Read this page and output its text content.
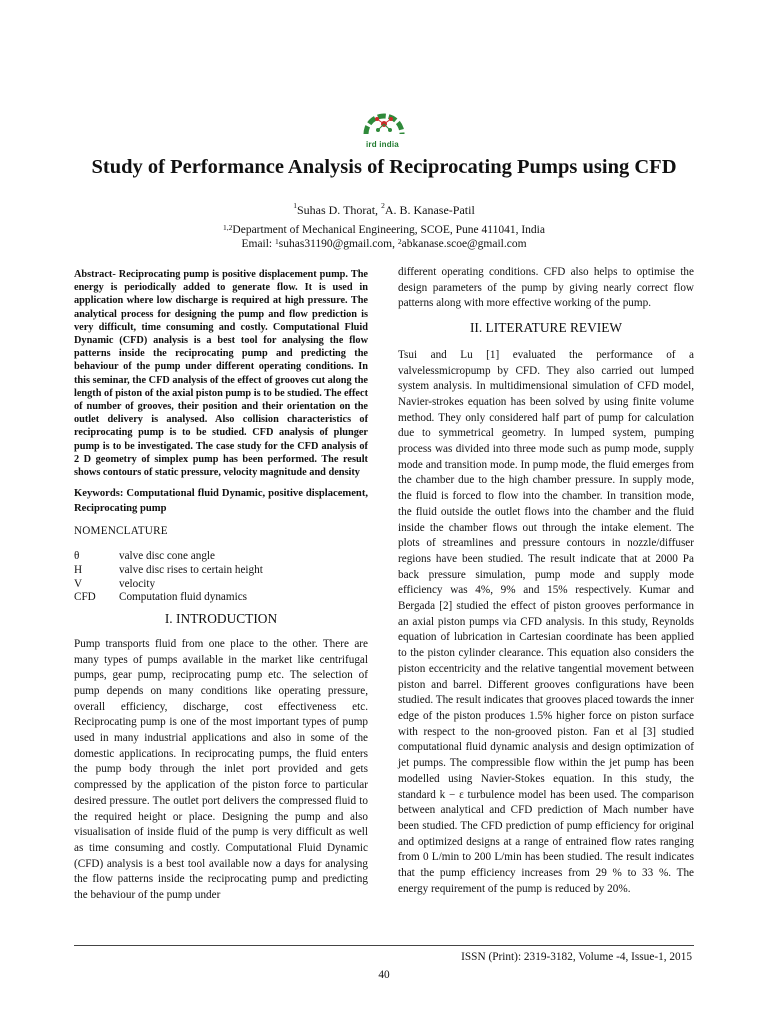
ird india
Study of Performance Analysis of Reciprocating Pumps using CFD
$^1$Suhas D. Thorat, $^2$A. B. Kanase-Patil
$^{1,2}$Department of Mechanical Engineering, SCOE, Pune 411041, India
Email: $^1$suhas31190@gmail.com, $^2$abkanase.scoe@gmail.com

Abstract- Reciprocating pump is positive displacement pump. The energy is periodically added to generate flow. It is used in application where low discharge is required at high pressure. The analytical process for designing the pump and flow prediction is very difficult, time consuming and costly. Computational Fluid Dynamic (CFD) analysis is a best tool for analysing the flow patterns inside the reciprocating pump and predicting the behaviour of the pump under different operating conditions. In this seminar, the CFD analysis of the effect of grooves cut along the length of piston of the axial piston pump is to be studied. The effect of number of grooves, their position and their orientation on the outlet delivery is analysed. Also collision characteristics of reciprocating pump is to be studied. CFD analysis of plunger pump is to be investigated. The case study for the CFD analysis of 2 D geometry of simplex pump has been performed. The result shows contours of static pressure, velocity magnitude and density

Keywords: Computational fluid Dynamic, positive displacement, Reciprocating pump

NOMENCLATURE

θ	valve disc cone angle
H	valve disc rises to certain height
V	velocity
CFD	Computation fluid dynamics
I. INTRODUCTION

Pump transports fluid from one place to the other. There are many types of pumps available in the market like centrifugal pumps, gear pump, reciprocating pump etc. The selection of pump depends on many conditions like operating pressure, overall efficiency, discharge, cost effectiveness etc. Reciprocating pump is one of the most important types of pump used in many industrial applications and also in some of the domestic applications. In reciprocating pumps, the fluid enters the pump body through the inlet port provided and gets compressed by the application of the piston force to particular desired pressure. The outlet port delivers the compressed fluid to the required height or place. Designing the pump and also visualisation of inside fluid of the pump is very difficult as well as time consuming and costly. Computational Fluid Dynamic (CFD) analysis is a best tool available now a days for analysing the flow patterns inside the reciprocating pump and predicting the behaviour of the pump under

different operating conditions. CFD also helps to optimise the design parameters of the pump by giving nearly correct flow patterns along with more effective working of the pump.

II. LITERATURE REVIEW

Tsui and Lu [1] evaluated the performance of a valvelessmicropump by CFD. They also carried out lumped system analysis. In multidimensional simulation of CFD model, Navier-strokes equation has been solved by using finite volume method. They only considered half part of pump for calculation due to symmetrical geometry. In lumped system, pumping process was divided into three mode such as pump mode, supply mode and transition mode. In pump mode, the fluid emerges from the chamber due to the high chamber pressure. In supply mode, the fluid is forced to flow into the chamber. In transition mode, the fluid outside the outlet flows into the chamber and the fluid inside the chamber flows out through the intake element. The plots of streamlines and pressure contours in nozzle/diffuser regions have been studied. The result indicate that at 2000 Pa back pressure simulation, pump mode and supply mode efficiency was 4%, 9% and 15% respectively. Kumar and Bergada [2] studied the effect of piston grooves performance in an axial piston pumps via CFD analysis. In this study, Reynolds equation of lubrication in Cartesian coordinate has been applied to the piston cylinder clearance. This equation also considers the piston eccentricity and the relative tangential movement between piston and barrel. Different grooves configurations have been studied. The result indicates that grooves placed towards the inner edge of the piston produces 1.5% higher force on piston surface with respect to the non-grooved piston. Fan et al [3] studied computational fluid dynamic analysis and design optimization of jet pumps. The compressible flow within the jet pump has been modelled using Navier-Stokes equation. In this study, the standard k − ε turbulence model has been used. The comparison between analytical and CFD prediction of Mach number have been studied. The CFD prediction of pump efficiency for original and optimized designs at a range of entrained flow rates ranging from 0 L/min to 200 L/min has been studied. The result indicates that the pump efficiency increases from 29 % to 33 %. The energy requirement of the pump is reduced by 20%.

ISSN (Print): 2319-3182, Volume -4, Issue-1, 2015
40
